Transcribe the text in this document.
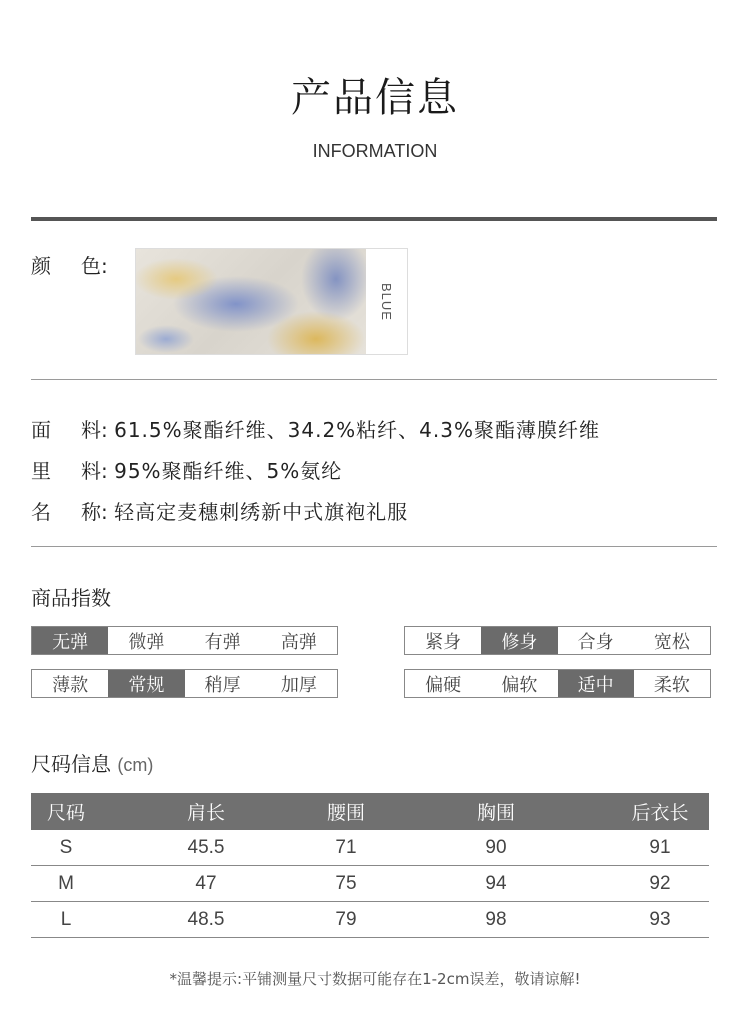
产品信息
INFORMATION
颜 色:
BLUE
面 料: 61.5%聚酯纤维、34.2%粘纤、4.3%聚酯薄膜纤维
里 料: 95%聚酯纤维、5%氨纶
名 称: 轻高定麦穗刺绣新中式旗袍礼服
商品指数
无弹	微弹	有弹	高弹	紧身	修身	合身	宽松
薄款	常规	稍厚	加厚	偏硬	偏软	适中	柔软
尺码信息 (cm)
尺码	肩长	腰围	胸围	后衣长
S	45.5	71	90	91
M	47	75	94	92
L	48.5	79	98	93
*温馨提示:平铺测量尺寸数据可能存在1-2cm误差，敬请谅解!
